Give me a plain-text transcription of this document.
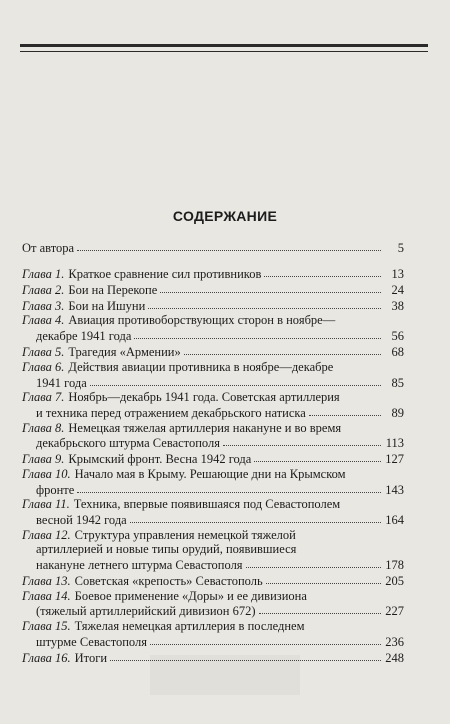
СОДЕРЖАНИЕ
От автора	5
Глава 1. Краткое сравнение сил противников	13
Глава 2. Бои на Перекопе	24
Глава 3. Бои на Ишуни	38
Глава 4. Авиация противоборствующих сторон в ноябре—
декабре 1941 года	56
Глава 5. Трагедия «Армении»	68
Глава 6. Действия авиации противника в ноябре—декабре
1941 года	85
Глава 7. Ноябрь—декабрь 1941 года. Советская артиллерия
и техника перед отражением декабрьского натиска	89
Глава 8. Немецкая тяжелая артиллерия накануне и во время
декабрьского штурма Севастополя	113
Глава 9. Крымский фронт. Весна 1942 года	127
Глава 10. Начало мая в Крыму. Решающие дни на Крымском
фронте	143
Глава 11. Техника, впервые появившаяся под Севастополем
весной 1942 года	164
Глава 12. Структура управления немецкой тяжелой
артиллерией и новые типы орудий, появившиеся
накануне летнего штурма Севастополя	178
Глава 13. Советская «крепость» Севастополь	205
Глава 14. Боевое применение «Доры» и ее дивизиона
(тяжелый артиллерийский дивизион 672)	227
Глава 15. Тяжелая немецкая артиллерия в последнем
штурме Севастополя	236
Глава 16. Итоги	248
